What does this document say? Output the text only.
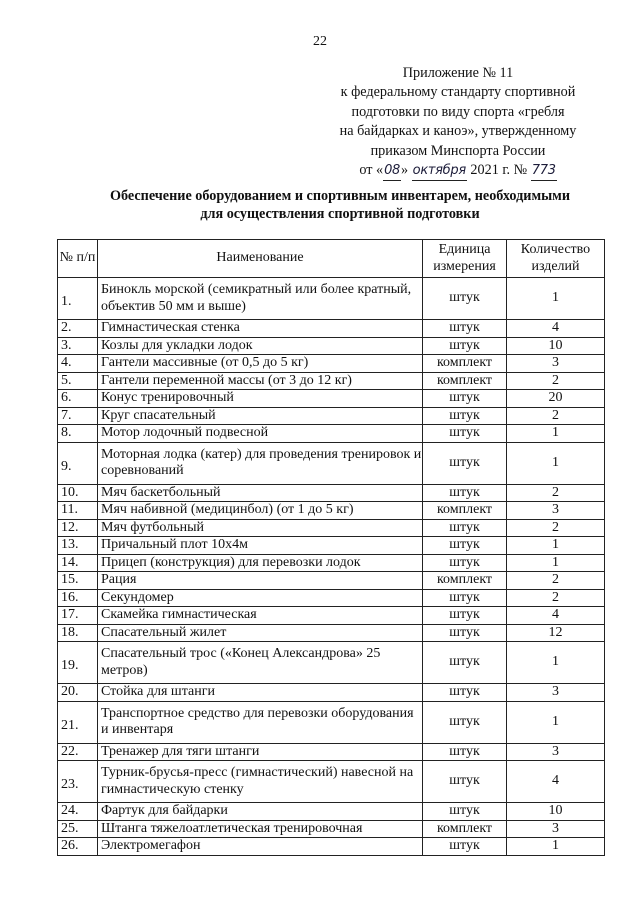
22
Приложение № 11
к федеральному стандарту спортивной
подготовки по виду спорта «гребля
на байдарках и каноэ», утвержденному
приказом Минспорта России
от «08» октября 2021 г. № 773
Обеспечение оборудованием и спортивным инвентарем, необходимыми
для осуществления спортивной подготовки
№ п/п	Наименование	Единица измерения	Количество изделий
1.	Бинокль морской (семикратный или более кратный, объектив 50 мм и выше)	штук	1
2.	Гимнастическая стенка	штук	4
3.	Козлы для укладки лодок	штук	10
4.	Гантели массивные (от 0,5 до 5 кг)	комплект	3
5.	Гантели переменной массы (от 3 до 12 кг)	комплект	2
6.	Конус тренировочный	штук	20
7.	Круг спасательный	штук	2
8.	Мотор лодочный подвесной	штук	1
9.	Моторная лодка (катер) для проведения тренировок и соревнований	штук	1
10.	Мяч баскетбольный	штук	2
11.	Мяч набивной (медицинбол) (от 1 до 5 кг)	комплект	3
12.	Мяч футбольный	штук	2
13.	Причальный плот 10х4м	штук	1
14.	Прицеп (конструкция) для перевозки лодок	штук	1
15.	Рация	комплект	2
16.	Секундомер	штук	2
17.	Скамейка гимнастическая	штук	4
18.	Спасательный жилет	штук	12
19.	Спасательный трос («Конец Александрова» 25 метров)	штук	1
20.	Стойка для штанги	штук	3
21.	Транспортное средство для перевозки оборудования и инвентаря	штук	1
22.	Тренажер для тяги штанги	штук	3
23.	Турник-брусья-пресс (гимнастический) навесной на гимнастическую стенку	штук	4
24.	Фартук для байдарки	штук	10
25.	Штанга тяжелоатлетическая тренировочная	комплект	3
26.	Электромегафон	штук	1
